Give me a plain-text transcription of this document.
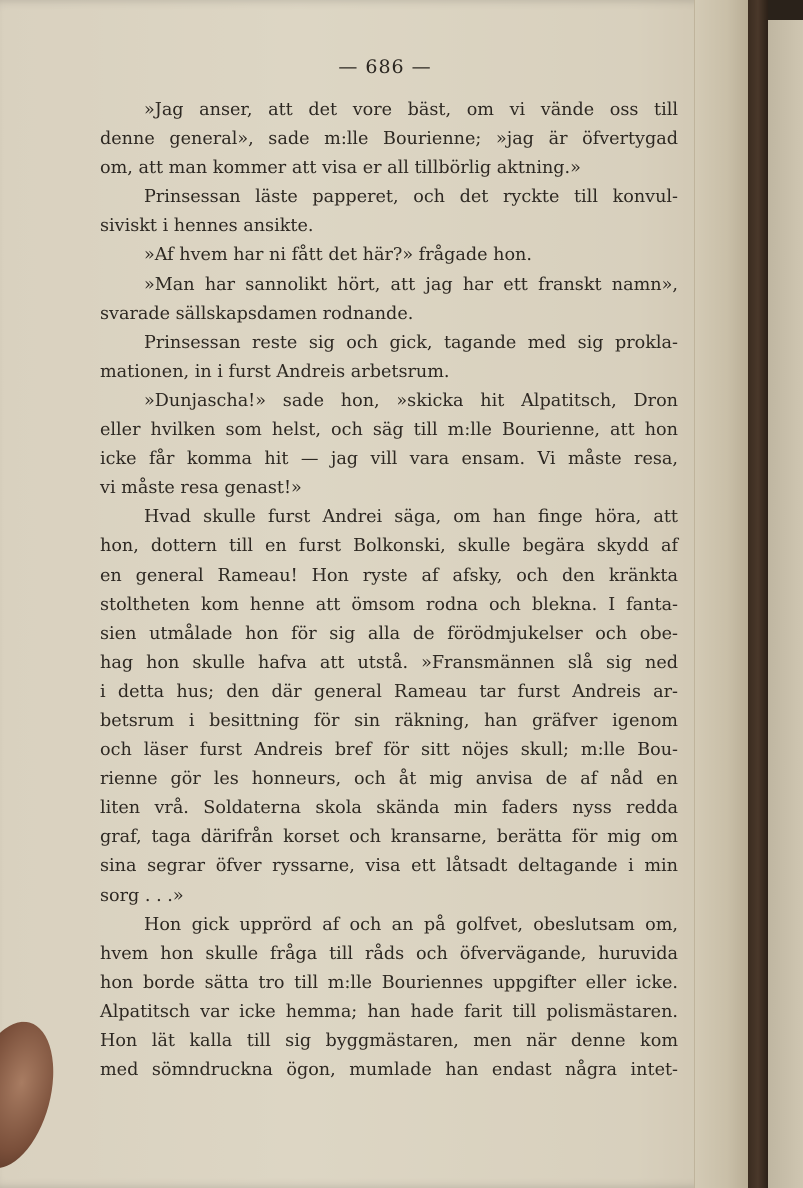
— 686 —

»Jag anser, att det vore bäst, om vi vände oss till

denne general», sade m:lle Bourienne; »jag är öfvertygad

om, att man kommer att visa er all tillbörlig aktning.»

Prinsessan läste papperet, och det ryckte till konvul-

siviskt i hennes ansikte.

»Af hvem har ni fått det här?» frågade hon.

»Man har sannolikt hört, att jag har ett franskt namn»,

svarade sällskapsdamen rodnande.

Prinsessan reste sig och gick, tagande med sig prokla-

mationen, in i furst Andreis arbetsrum.

»Dunjascha!» sade hon, »skicka hit Alpatitsch, Dron

eller hvilken som helst, och säg till m:lle Bourienne, att hon

icke får komma hit — jag vill vara ensam. Vi måste resa,

vi måste resa genast!»

Hvad skulle furst Andrei säga, om han finge höra, att

hon, dottern till en furst Bolkonski, skulle begära skydd af

en general Rameau! Hon ryste af afsky, och den kränkta

stoltheten kom henne att ömsom rodna och blekna. I fanta-

sien utmålade hon för sig alla de förödmjukelser och obe-

hag hon skulle hafva att utstå. »Fransmännen slå sig ned

i detta hus; den där general Rameau tar furst Andreis ar-

betsrum i besittning för sin räkning, han gräfver igenom

och läser furst Andreis bref för sitt nöjes skull; m:lle Bou-

rienne gör les honneurs, och åt mig anvisa de af nåd en

liten vrå. Soldaterna skola skända min faders nyss redda

graf, taga därifrån korset och kransarne, berätta för mig om

sina segrar öfver ryssarne, visa ett låtsadt deltagande i min

sorg . . .»

Hon gick upprörd af och an på golfvet, obeslutsam om,

hvem hon skulle fråga till råds och öfvervägande, huruvida

hon borde sätta tro till m:lle Bouriennes uppgifter eller icke.

Alpatitsch var icke hemma; han hade farit till polismästaren.

Hon lät kalla till sig byggmästaren, men när denne kom

med sömndruckna ögon, mumlade han endast några intet-
